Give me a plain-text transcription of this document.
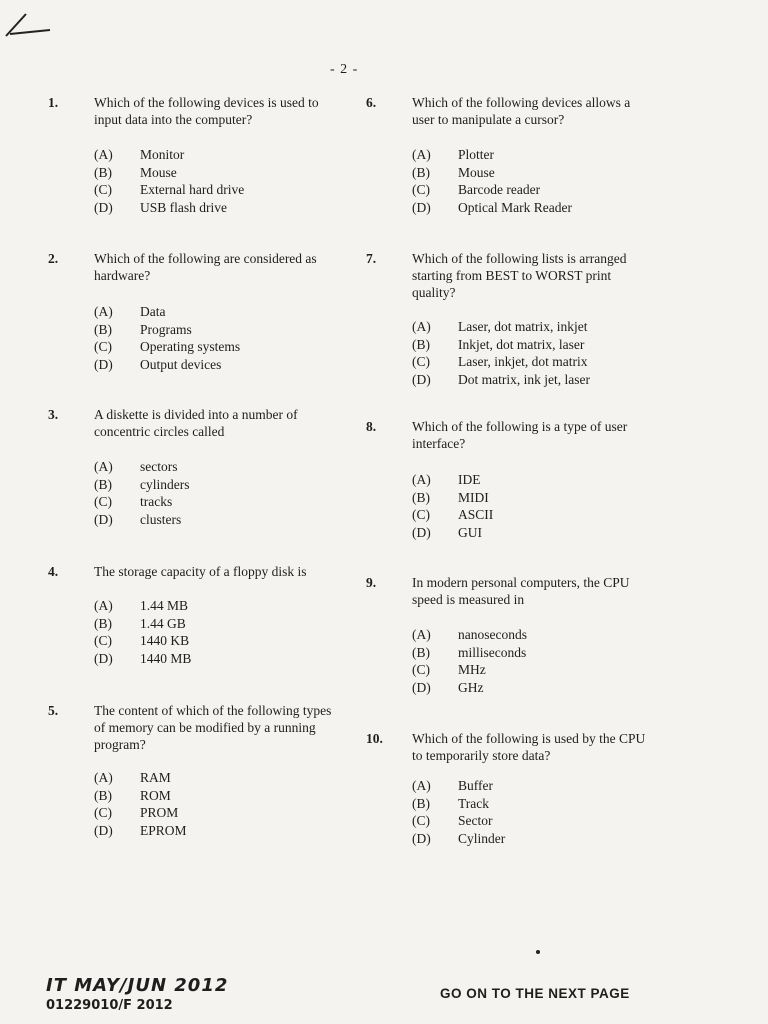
- 2 -
1.	Which of the following devices is used to
input data into the computer?
(A) Monitor
(B) Mouse
(C) External hard drive
(D) USB flash drive
2.	Which of the following are considered as
hardware?
(A) Data
(B) Programs
(C) Operating systems
(D) Output devices
3.	A diskette is divided into a number of
concentric circles called
(A) sectors
(B) cylinders
(C) tracks
(D) clusters
4.	The storage capacity of a floppy disk is
(A) 1.44 MB
(B) 1.44 GB
(C) 1440 KB
(D) 1440 MB
5.	The content of which of the following types
of memory can be modified by a running
program?
(A) RAM
(B) ROM
(C) PROM
(D) EPROM
6.	Which of the following devices allows a
user to manipulate a cursor?
(A) Plotter
(B) Mouse
(C) Barcode reader
(D) Optical Mark Reader
7.	Which of the following lists is arranged
starting from BEST to WORST print
quality?
(A) Laser, dot matrix, inkjet
(B) Inkjet, dot matrix, laser
(C) Laser, inkjet, dot matrix
(D) Dot matrix, ink jet, laser
8.	Which of the following is a type of user
interface?
(A) IDE
(B) MIDI
(C) ASCII
(D) GUI
9.	In modern personal computers, the CPU
speed is measured in
(A) nanoseconds
(B) milliseconds
(C) MHz
(D) GHz
10. Which of the following is used by the CPU
to temporarily store data?
(A) Buffer
(B) Track
(C) Sector
(D) Cylinder
IT MAY/JUN 2012
01229010/F 2012
GO ON TO THE NEXT PAGE
